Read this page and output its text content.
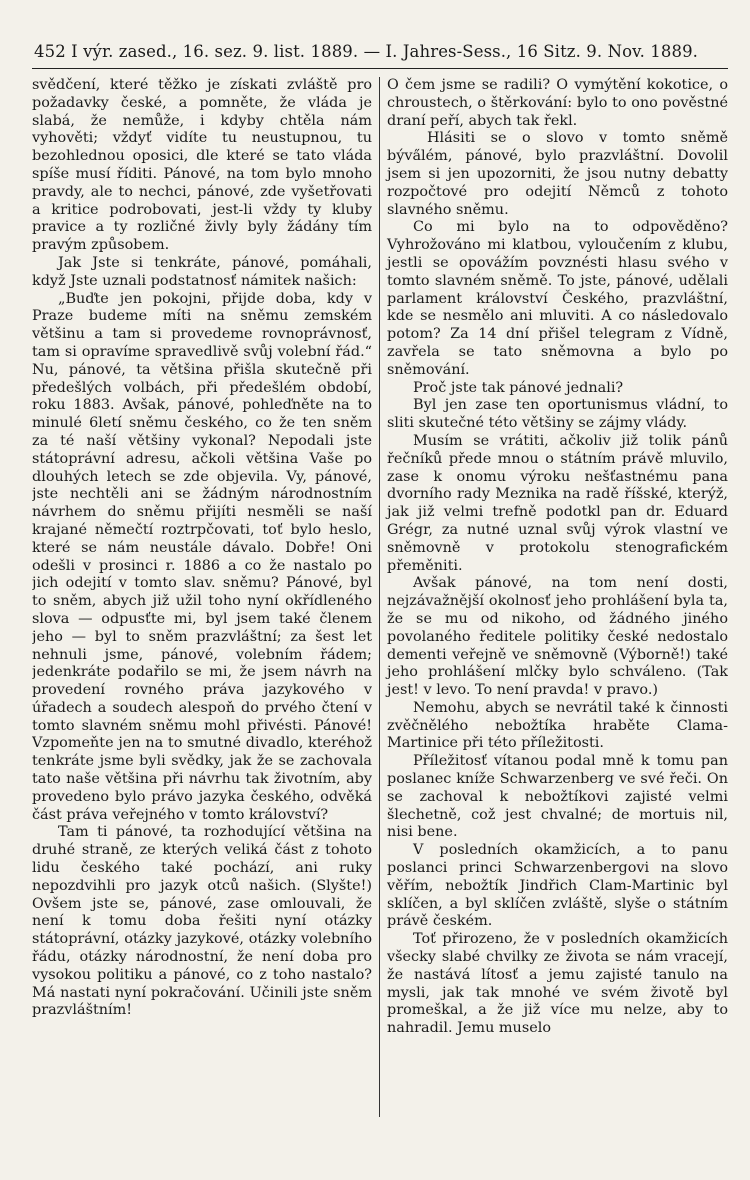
452 I výr. zased., 16. sez. 9. list. 1889. — I. Jahres-Sess., 16 Sitz. 9. Nov. 1889.

svědčení, které těžko je získati zvláště pro požadavky české, a pomněte, že vláda je slabá, že nemůže, i kdyby chtěla nám vyhověti; vždyť vidíte tu neustupnou, tu bezohlednou oposici, dle které se tato vláda spíše musí říditi. Pánové, na tom bylo mnoho pravdy, ale to nechci, pánové, zde vyšetřovati a kritice podrobovati, jest-li vždy ty kluby pravice a ty rozličné živly byly žádány tím pravým způsobem.

Jak Jste si tenkráte, pánové, pomáhali, když Jste uznali podstatnosť námitek našich:

„Buďte jen pokojni, přijde doba, kdy v Praze budeme míti na sněmu zemském většinu a tam si provedeme rovnoprávnosť, tam si opravíme spravedlivě svůj volební řád.“ Nu, pánové, ta většina přišla skutečně při předešlých volbách, při předešlém období, roku 1883. Avšak, pánové, pohleďněte na to minulé 6letí sněmu českého, co že ten sněm za té naší většiny vykonal? Nepodali jste státoprávní adresu, ačkoli většina Vaše po dlouhých letech se zde objevila. Vy, pánové, jste nechtěli ani se žádným národnostním návrhem do sněmu přijíti nesměli se naší krajané němečtí roztrpčovati, toť bylo heslo, které se nám neustále dávalo. Dobře! Oni odešli v prosinci r. 1886 a co že nastalo po jich odejití v tomto slav. sněmu? Pánové, byl to sněm, abych již užil toho nyní okřídleného slova — odpusťte mi, byl jsem také členem jeho — byl to sněm prazvláštní; za šest let nehnuli jsme, pánové, volebním řádem; jedenkráte podařilo se mi, že jsem návrh na provedení rovného práva jazykového v úřadech a soudech alespoň do prvého čtení v tomto slavném sněmu mohl přivésti. Pánové! Vzpomeňte jen na to smutné divadlo, kteréhož tenkráte jsme byli svědky, jak že se zachovala tato naše většina při návrhu tak životním, aby provedeno bylo právo jazyka českého, odvěká část práva veřejného v tomto království?

Tam ti pánové, ta rozhodující většina na druhé straně, ze kterých veliká část z tohoto lidu českého také pochází, ani ruky nepozdvihli pro jazyk otců našich. (Slyšte!) Ovšem jste se, pánové, zase omlouvali, že není k tomu doba řešiti nyní otázky státoprávní, otázky jazykové, otázky volebního řádu, otázky národnostní, že není doba pro vysokou politiku a pánové, co z toho nastalo? Má nastati nyní pokračování. Učinili jste sněm prazvláštním!

O čem jsme se radili? O vymýtění kokotice, o chroustech, o štěrkování: bylo to ono pověstné draní peří, abych tak řekl.

Hlásiti se o slovo v tomto sněmě býva̋lém, pánové, bylo prazvláštní. Dovolil jsem si jen upozorniti, že jsou nutny debatty rozpočtové pro odejití Němců z tohoto slavného sněmu.

Co mi bylo na to odpověděno? Vyhrožováno mi klatbou, vyloučením z klubu, jestli se opovážím povznésti hlasu svého v tomto slavném sněmě. To jste, pánové, udělali parlament království Českého, prazvláštní, kde se nesmělo ani mluviti. A co následovalo potom? Za 14 dní přišel telegram z Vídně, zavřela se tato sněmovna a bylo po sněmování.

Proč jste tak pánové jednali?

Byl jen zase ten oportunismus vládní, to sliti skutečné této většiny se zájmy vlády.

Musím se vrátiti, ačkoliv již tolik pánů řečníků přede mnou o státním právě mluvilo, zase k onomu výroku nešťastnému pana dvorního rady Meznika na radě říšské, kterýž, jak již velmi trefně podotkl pan dr. Eduard Grégr, za nutné uznal svůj výrok vlastní ve sněmovně v protokolu stenografickém přeměniti.

Avšak pánové, na tom není dosti, nejzávažnější okolnosť jeho prohlášení byla ta, že se mu od nikoho, od žádného jiného povolaného ředitele politiky české nedostalo dementi veřejně ve sněmovně (Výborně!) také jeho prohlášení mlčky bylo schváleno. (Tak jest! v levo. To není pravda! v pravo.)

Nemohu, abych se nevrátil také k činnosti zvěčnělého nebožtíka hraběte Clama-Martinice při této příležitosti.

Příležitosť vítanou podal mně k tomu pan poslanec kníže Schwarzenberg ve své řeči. On se zachoval k nebožtíkovi zajisté velmi šlechetně, což jest chvalné; de mortuis nil, nisi bene.

V posledních okamžicích, a to panu poslanci princi Schwarzenbergovi na slovo věřím, nebožtík Jindřich Clam-Martinic byl sklíčen, a byl sklíčen zvláště, slyše o státním právě českém.

Toť přirozeno, že v posledních okamžicích všecky slabé chvilky ze života se nám vracejí, že nastává lítosť a jemu zajisté tanulo na mysli, jak tak mnohé ve svém životě byl promeškal, a že již více mu nelze, aby to nahradil. Jemu muselo
